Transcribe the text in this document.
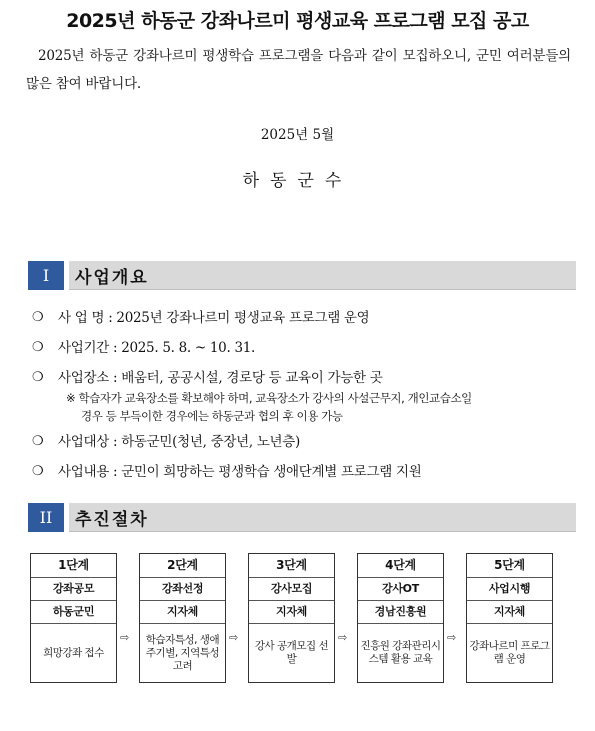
2025년 하동군 강좌나르미 평생교육 프로그램 모집 공고
2025년 하동군 강좌나르미 평생학습 프로그램을 다음과 같이 모집하오니, 군민 여러분들의 많은 참여 바랍니다.
2025년 5월
하동군수
I	사업개요
❍	사 업 명 : 2025년 강좌나르미 평생교육 프로그램 운영
❍	사업기간 : 2025. 5. 8. ~ 10. 31.
❍	사업장소 : 배움터, 공공시설, 경로당 등 교육이 가능한 곳
※ 학습자가 교육장소를 확보해야 하며, 교육장소가 강사의 사설근무지, 개인교습소일
경우 등 부득이한 경우에는 하동군과 협의 후 이용 가능
❍	사업대상 : 하동군민(청년, 중장년, 노년층)
❍	사업내용 : 군민이 희망하는 평생학습 생애단계별 프로그램 지원
II	추진절차
1단계
강좌공모
하동군민
희망강좌 접수
⇨
2단계
강좌선정
지자체
학습자특성, 생애주기별, 지역특성 고려
⇨
3단계
강사모집
지자체
강사 공개모집 선발
⇨
4단계
강사OT
경남진흥원
진흥원 강좌관리시스템 활용 교육
⇨
5단계
사업시행
지자체
강좌나르미 프로그램 운영
